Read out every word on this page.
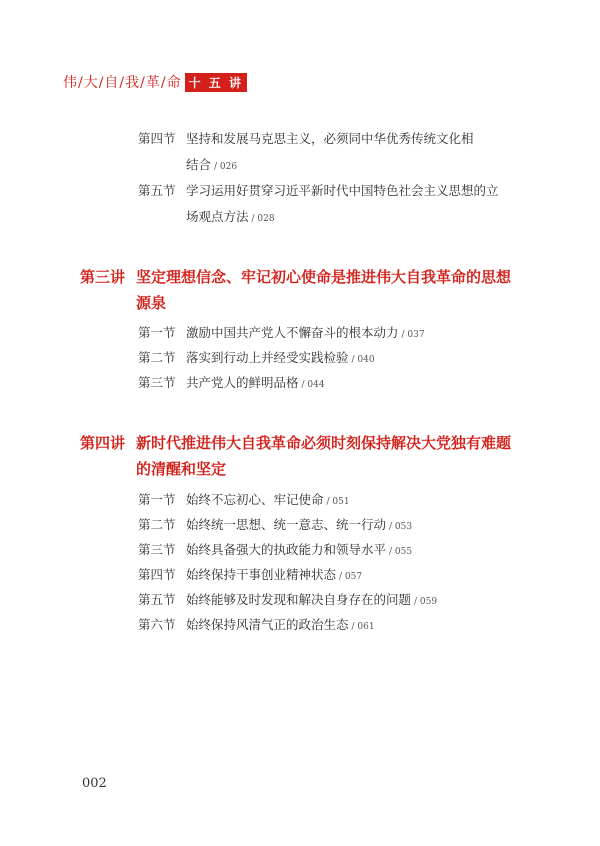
伟/大/自/我/革/命 十 五 讲
第四节 坚持和发展马克思主义，必须同中华优秀传统文化相
结合 / 026
第五节 学习运用好贯穿习近平新时代中国特色社会主义思想的立
场观点方法 / 028
第三讲 坚定理想信念、牢记初心使命是推进伟大自我革命的思想
源泉
第一节 激励中国共产党人不懈奋斗的根本动力 / 037
第二节 落实到行动上并经受实践检验 / 040
第三节 共产党人的鲜明品格 / 044
第四讲 新时代推进伟大自我革命必须时刻保持解决大党独有难题
的清醒和坚定
第一节 始终不忘初心、牢记使命 / 051
第二节 始终统一思想、统一意志、统一行动 / 053
第三节 始终具备强大的执政能力和领导水平 / 055
第四节 始终保持干事创业精神状态 / 057
第五节 始终能够及时发现和解决自身存在的问题 / 059
第六节 始终保持风清气正的政治生态 / 061
002
